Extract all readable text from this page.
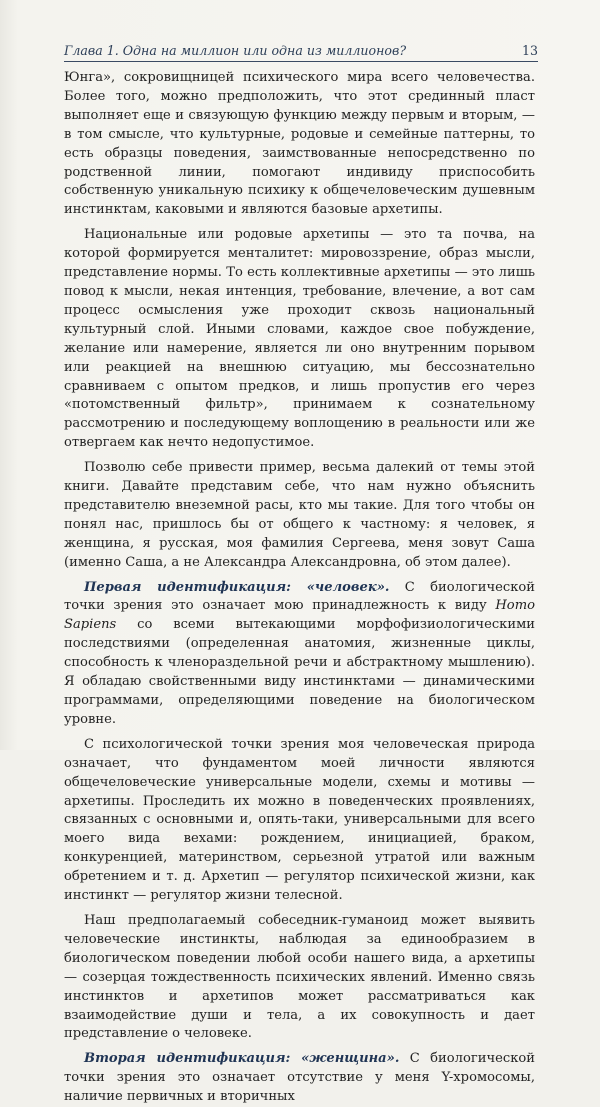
Глава 1. Одна на миллион или одна из миллионов?	13

Юнга», сокровищницей психического мира всего человечества. Более того, можно предположить, что этот срединный пласт выполняет еще и связующую функцию между первым и вторым, — в том смысле, что культурные, родовые и семейные паттерны, то есть образцы поведения, заимствованные непосредственно по родственной линии, помогают индивиду приспособить собственную уникальную психику к общечеловеческим душевным инстинктам, каковыми и являются базовые архетипы.

Национальные или родовые архетипы — это та почва, на которой формируется менталитет: мировоззрение, образ мысли, представление нормы. То есть коллективные архетипы — это лишь повод к мысли, некая интенция, требование, влечение, а вот сам процесс осмысления уже проходит сквозь национальный культурный слой. Иными словами, каждое свое побуждение, желание или намерение, является ли оно внутренним порывом или реакцией на внешнюю ситуацию, мы бессознательно сравниваем с опытом предков, и лишь пропустив его через «потомственный фильтр», принимаем к сознательному рассмотрению и последующему воплощению в реальности или же отвергаем как нечто недопустимое.

Позволю себе привести пример, весьма далекий от темы этой книги. Давайте представим себе, что нам нужно объяснить представителю внеземной расы, кто мы такие. Для того чтобы он понял нас, пришлось бы от общего к частному: я человек, я женщина, я русская, моя фамилия Сергеева, меня зовут Саша (именно Саша, а не Александра Александровна, об этом далее).

Первая идентификация: «человек». С биологической точки зрения это означает мою принадлежность к виду Homo Sapiens со всеми вытекающими морфофизиологическими последствиями (определенная анатомия, жизненные циклы, способность к членораздельной речи и абстрактному мышлению). Я обладаю свойственными виду инстинктами — динамическими программами, определяющими поведение на биологическом уровне.

С психологической точки зрения моя человеческая природа означает, что фундаментом моей личности являются общечеловеческие универсальные модели, схемы и мотивы — архетипы. Проследить их можно в поведенческих проявлениях, связанных с основными и, опять-таки, универсальными для всего моего вида вехами: рождением, инициацией, браком, конкуренцией, материнством, серьезной утратой или важным обретением и т. д. Архетип — регулятор психической жизни, как инстинкт — регулятор жизни телесной.

Наш предполагаемый собеседник-гуманоид может выявить человеческие инстинкты, наблюдая за единообразием в биологическом поведении любой особи нашего вида, а архетипы — созерцая тождественность психических явлений. Именно связь инстинктов и архетипов может рассматриваться как взаимодействие души и тела, а их совокупность и дает представление о человеке.

Вторая идентификация: «женщина». С биологической точки зрения это означает отсутствие у меня Y-хромосомы, наличие первичных и вторичных
